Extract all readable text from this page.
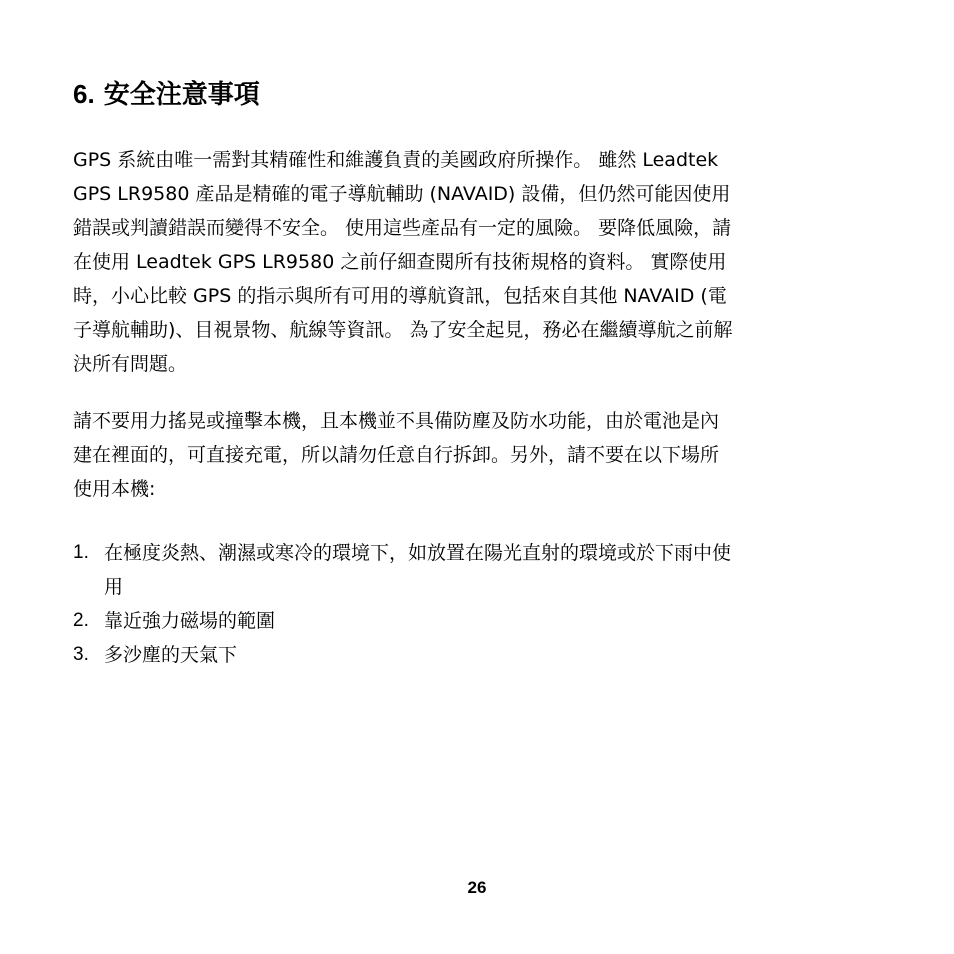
6. 安全注意事項
GPS 系統由唯一需對其精確性和維護負責的美國政府所操作。 雖然 Leadtek
GPS LR9580 產品是精確的電子導航輔助 (NAVAID) 設備，但仍然可能因使用
錯誤或判讀錯誤而變得不安全。 使用這些產品有一定的風險。 要降低風險，請
在使用 Leadtek GPS LR9580 之前仔細查閱所有技術規格的資料。 實際使用
時，小心比較 GPS 的指示與所有可用的導航資訊，包括來自其他 NAVAID (電
子導航輔助)、目視景物、航線等資訊。 為了安全起見，務必在繼續導航之前解
決所有問題。
請不要用力搖晃或撞擊本機，且本機並不具備防塵及防水功能，由於電池是內
建在裡面的，可直接充電，所以請勿任意自行拆卸。另外，請不要在以下場所
使用本機:
1. 在極度炎熱、潮濕或寒冷的環境下，如放置在陽光直射的環境或於下雨中使
用
2. 靠近強力磁場的範圍
3. 多沙塵的天氣下
26
